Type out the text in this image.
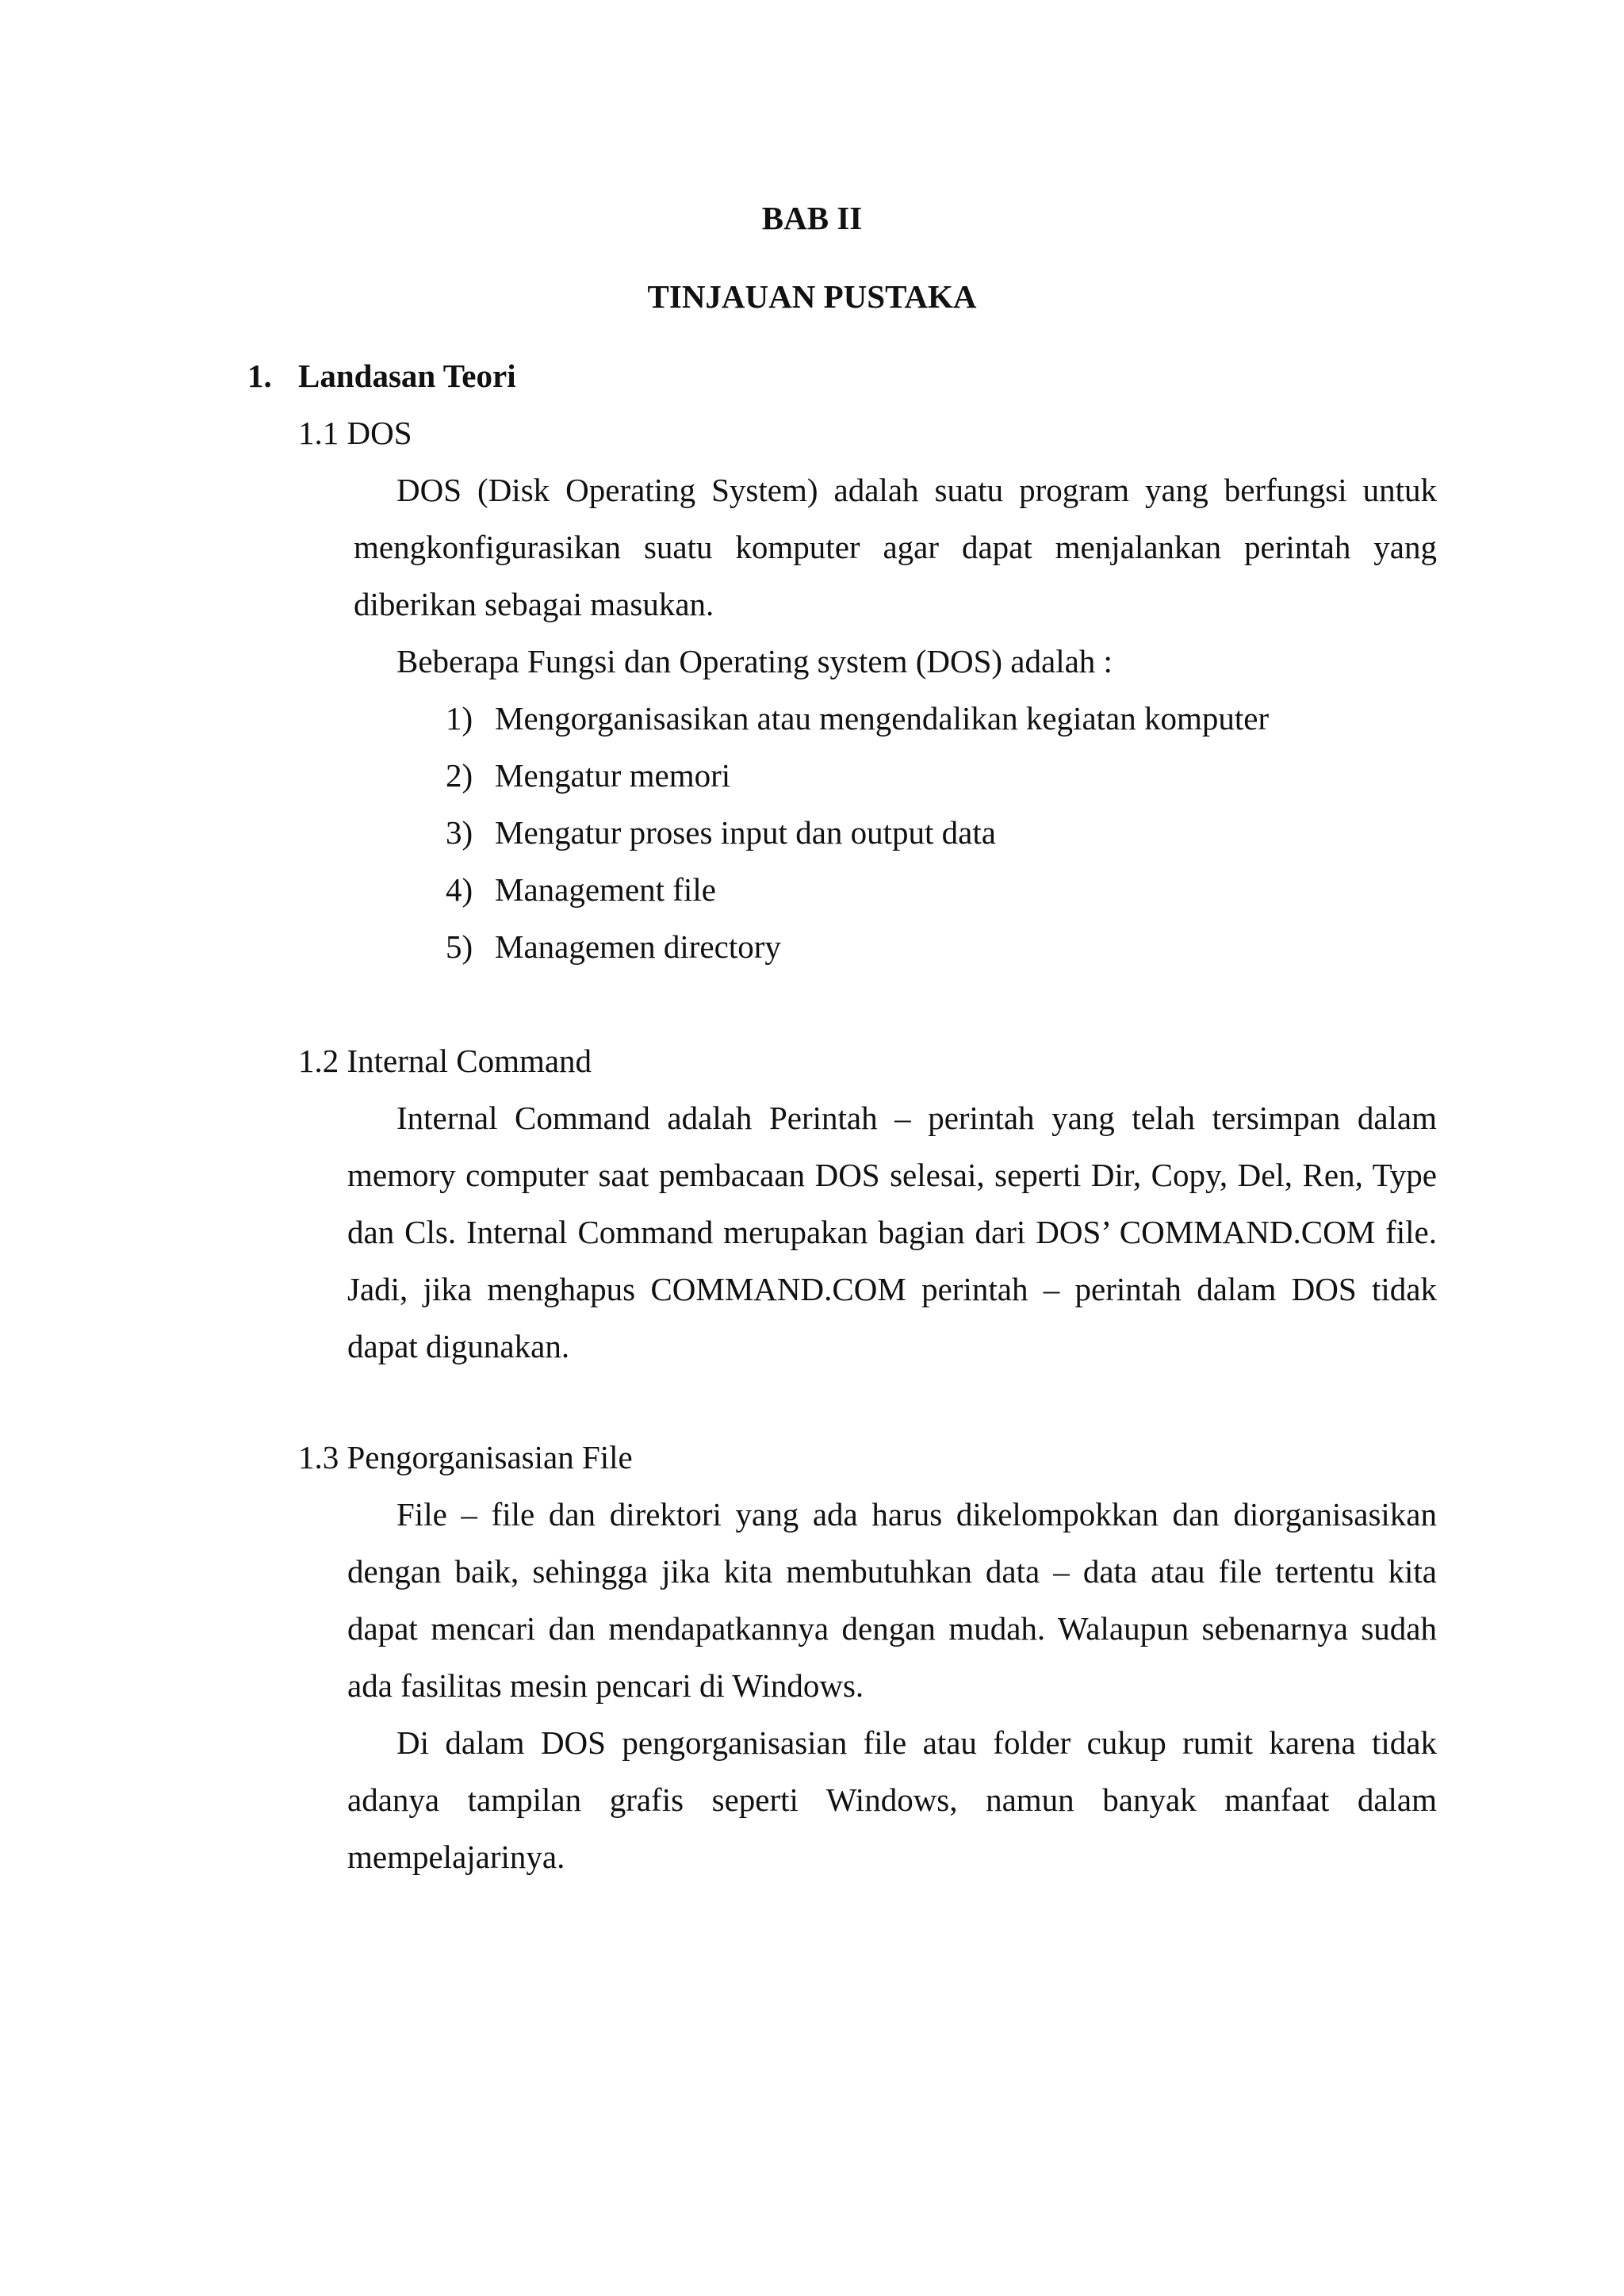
BAB II
TINJAUAN PUSTAKA
1. Landasan Teori
1.1 DOS
DOS (Disk Operating System) adalah suatu program yang berfungsi untuk
mengkonfigurasikan suatu komputer agar dapat menjalankan perintah yang
diberikan sebagai masukan.
Beberapa Fungsi dan Operating system (DOS) adalah :
1) Mengorganisasikan atau mengendalikan kegiatan komputer
2) Mengatur memori
3) Mengatur proses input dan output data
4) Management file
5) Managemen directory
1.2 Internal Command
Internal Command adalah Perintah – perintah yang telah tersimpan dalam
memory computer saat pembacaan DOS selesai, seperti Dir, Copy, Del, Ren, Type
dan Cls. Internal Command merupakan bagian dari DOS’ COMMAND.COM file.
Jadi, jika menghapus COMMAND.COM perintah – perintah dalam DOS tidak
dapat digunakan.
1.3 Pengorganisasian File
File – file dan direktori yang ada harus dikelompokkan dan diorganisasikan
dengan baik, sehingga jika kita membutuhkan data – data atau file tertentu kita
dapat mencari dan mendapatkannya dengan mudah. Walaupun sebenarnya sudah
ada fasilitas mesin pencari di Windows.
Di dalam DOS pengorganisasian file atau folder cukup rumit karena tidak
adanya tampilan grafis seperti Windows, namun banyak manfaat dalam
mempelajarinya.
